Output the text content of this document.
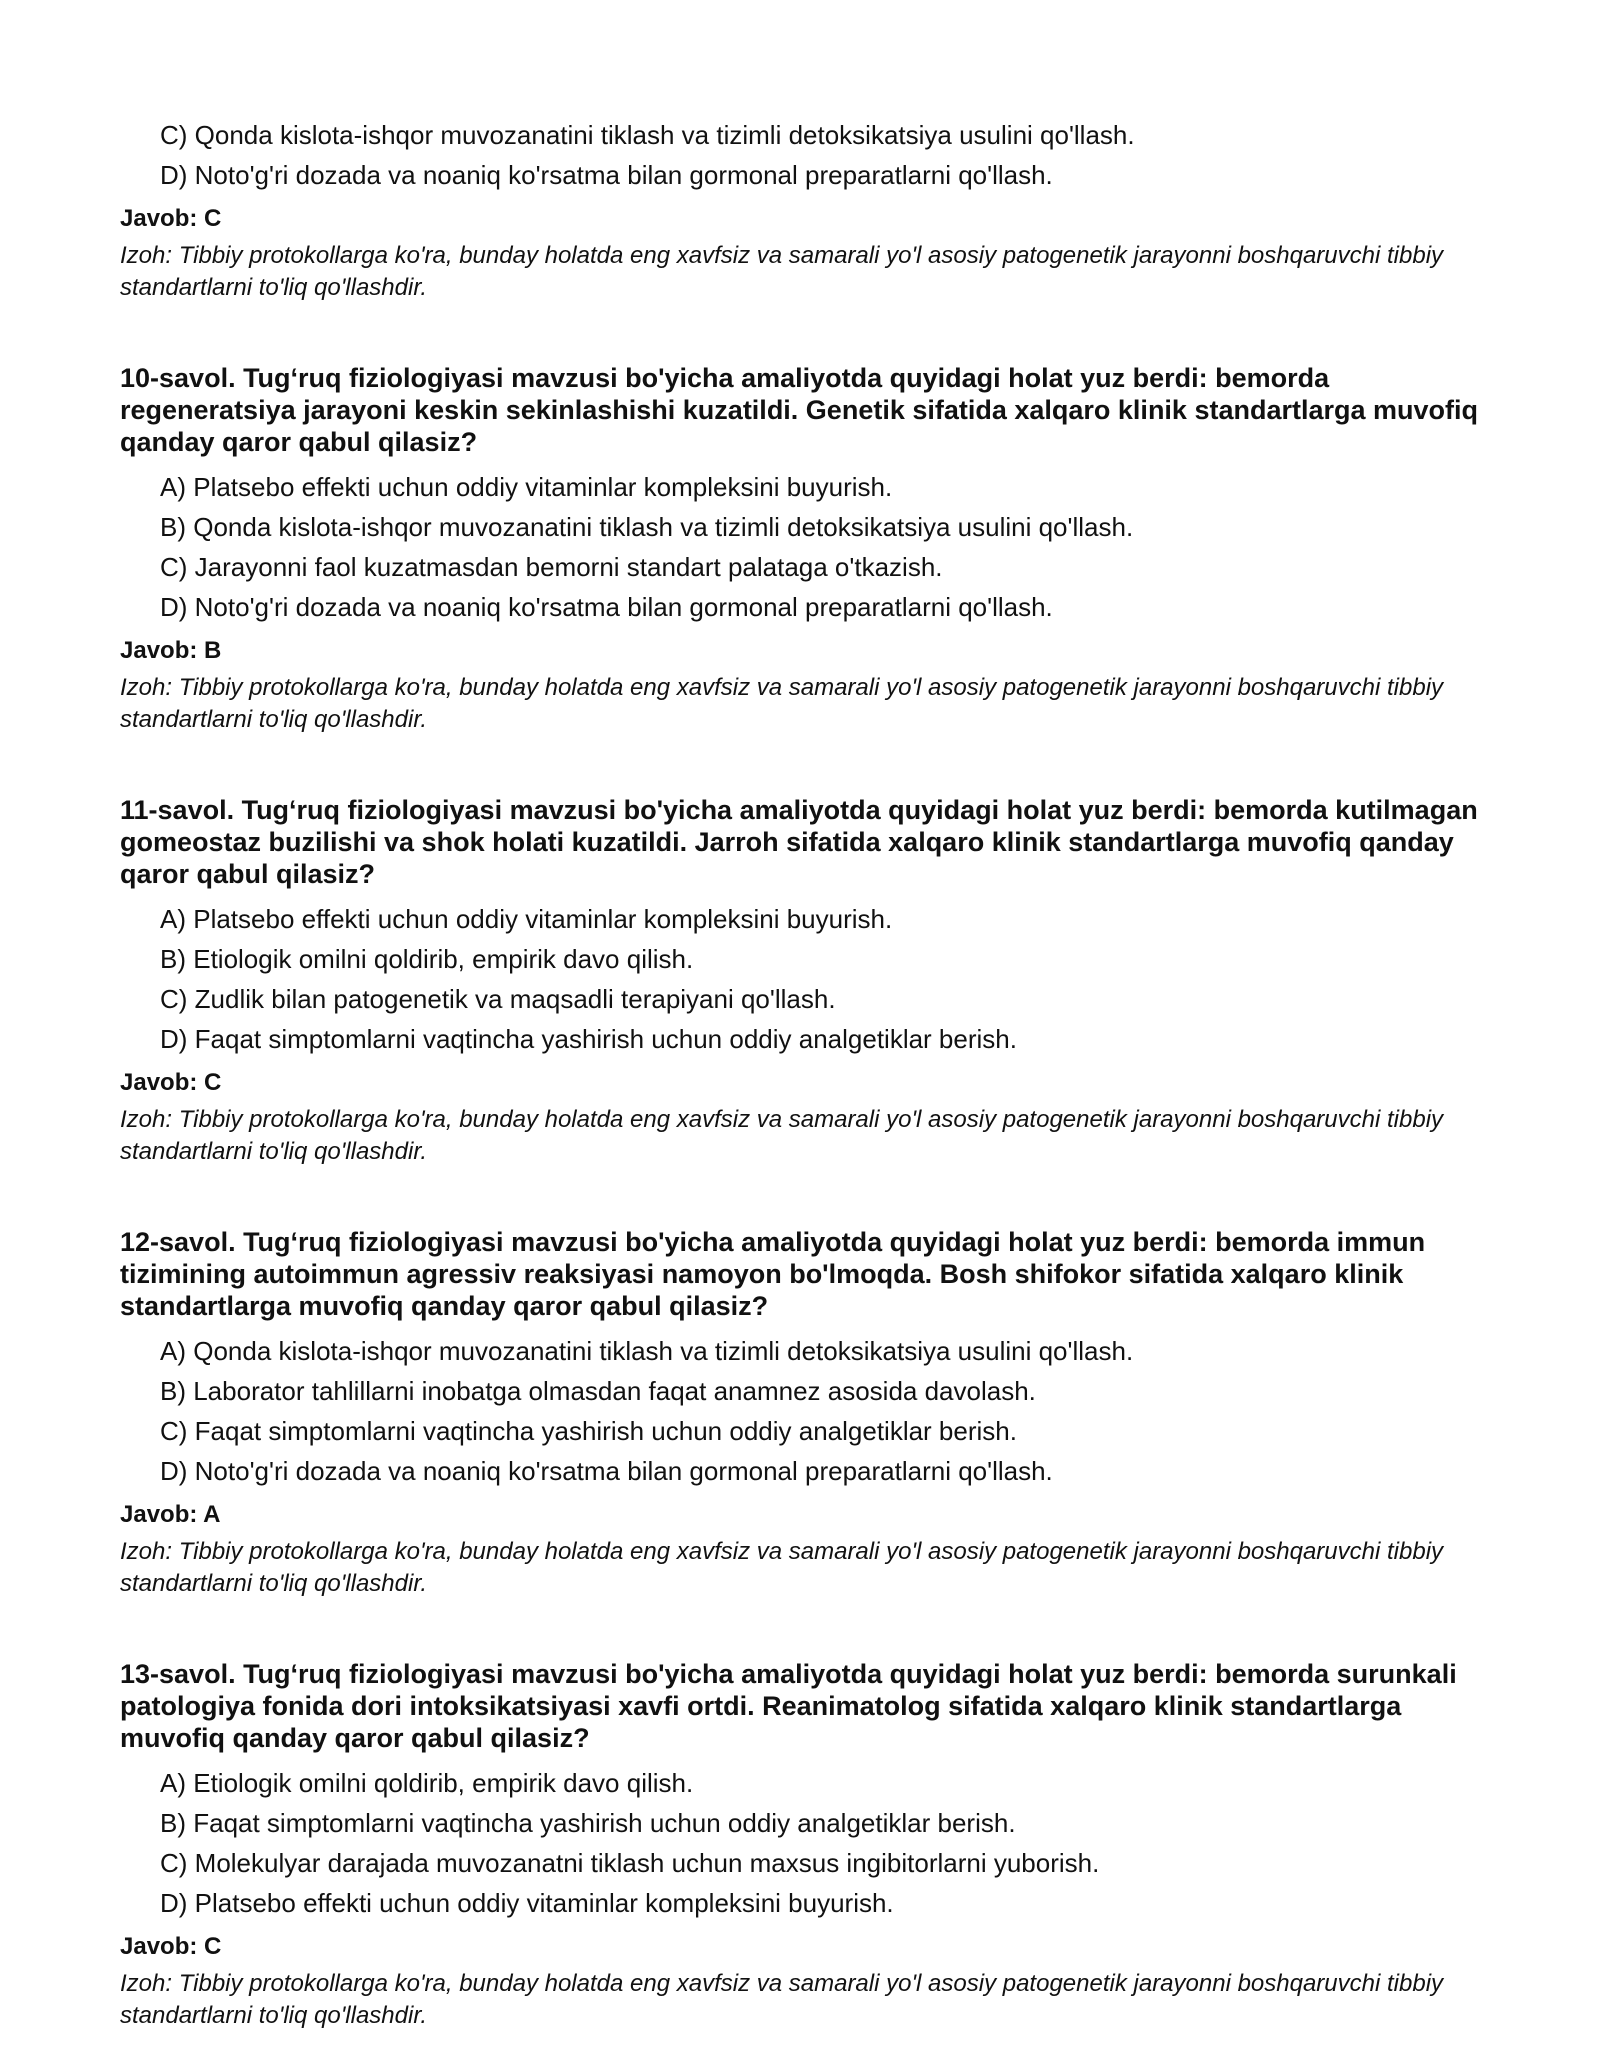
C) Qonda kislota-ishqor muvozanatini tiklash va tizimli detoksikatsiya usulini qo'llash.
D) Noto'g'ri dozada va noaniq ko'rsatma bilan gormonal preparatlarni qo'llash.
Javob: C

Izoh: Tibbiy protokollarga ko'ra, bunday holatda eng xavfsiz va samarali yo'l asosiy patogenetik jarayonni boshqaruvchi tibbiy standartlarni to'liq qo'llashdir.

10-savol. Tug‘ruq fiziologiyasi mavzusi bo'yicha amaliyotda quyidagi holat yuz berdi: bemorda regeneratsiya jarayoni keskin sekinlashishi kuzatildi. Genetik sifatida xalqaro klinik standartlarga muvofiq qanday qaror qabul qilasiz?
A) Platsebo effekti uchun oddiy vitaminlar kompleksini buyurish.
B) Qonda kislota-ishqor muvozanatini tiklash va tizimli detoksikatsiya usulini qo'llash.
C) Jarayonni faol kuzatmasdan bemorni standart palataga o'tkazish.
D) Noto'g'ri dozada va noaniq ko'rsatma bilan gormonal preparatlarni qo'llash.
Javob: B

Izoh: Tibbiy protokollarga ko'ra, bunday holatda eng xavfsiz va samarali yo'l asosiy patogenetik jarayonni boshqaruvchi tibbiy standartlarni to'liq qo'llashdir.

11-savol. Tug‘ruq fiziologiyasi mavzusi bo'yicha amaliyotda quyidagi holat yuz berdi: bemorda kutilmagan gomeostaz buzilishi va shok holati kuzatildi. Jarroh sifatida xalqaro klinik standartlarga muvofiq qanday qaror qabul qilasiz?
A) Platsebo effekti uchun oddiy vitaminlar kompleksini buyurish.
B) Etiologik omilni qoldirib, empirik davo qilish.
C) Zudlik bilan patogenetik va maqsadli terapiyani qo'llash.
D) Faqat simptomlarni vaqtincha yashirish uchun oddiy analgetiklar berish.
Javob: C

Izoh: Tibbiy protokollarga ko'ra, bunday holatda eng xavfsiz va samarali yo'l asosiy patogenetik jarayonni boshqaruvchi tibbiy standartlarni to'liq qo'llashdir.

12-savol. Tug‘ruq fiziologiyasi mavzusi bo'yicha amaliyotda quyidagi holat yuz berdi: bemorda immun tizimining autoimmun agressiv reaksiyasi namoyon bo'lmoqda. Bosh shifokor sifatida xalqaro klinik standartlarga muvofiq qanday qaror qabul qilasiz?
A) Qonda kislota-ishqor muvozanatini tiklash va tizimli detoksikatsiya usulini qo'llash.
B) Laborator tahlillarni inobatga olmasdan faqat anamnez asosida davolash.
C) Faqat simptomlarni vaqtincha yashirish uchun oddiy analgetiklar berish.
D) Noto'g'ri dozada va noaniq ko'rsatma bilan gormonal preparatlarni qo'llash.
Javob: A

Izoh: Tibbiy protokollarga ko'ra, bunday holatda eng xavfsiz va samarali yo'l asosiy patogenetik jarayonni boshqaruvchi tibbiy standartlarni to'liq qo'llashdir.

13-savol. Tug‘ruq fiziologiyasi mavzusi bo'yicha amaliyotda quyidagi holat yuz berdi: bemorda surunkali patologiya fonida dori intoksikatsiyasi xavfi ortdi. Reanimatolog sifatida xalqaro klinik standartlarga muvofiq qanday qaror qabul qilasiz?
A) Etiologik omilni qoldirib, empirik davo qilish.
B) Faqat simptomlarni vaqtincha yashirish uchun oddiy analgetiklar berish.
C) Molekulyar darajada muvozanatni tiklash uchun maxsus ingibitorlarni yuborish.
D) Platsebo effekti uchun oddiy vitaminlar kompleksini buyurish.
Javob: C

Izoh: Tibbiy protokollarga ko'ra, bunday holatda eng xavfsiz va samarali yo'l asosiy patogenetik jarayonni boshqaruvchi tibbiy standartlarni to'liq qo'llashdir.
